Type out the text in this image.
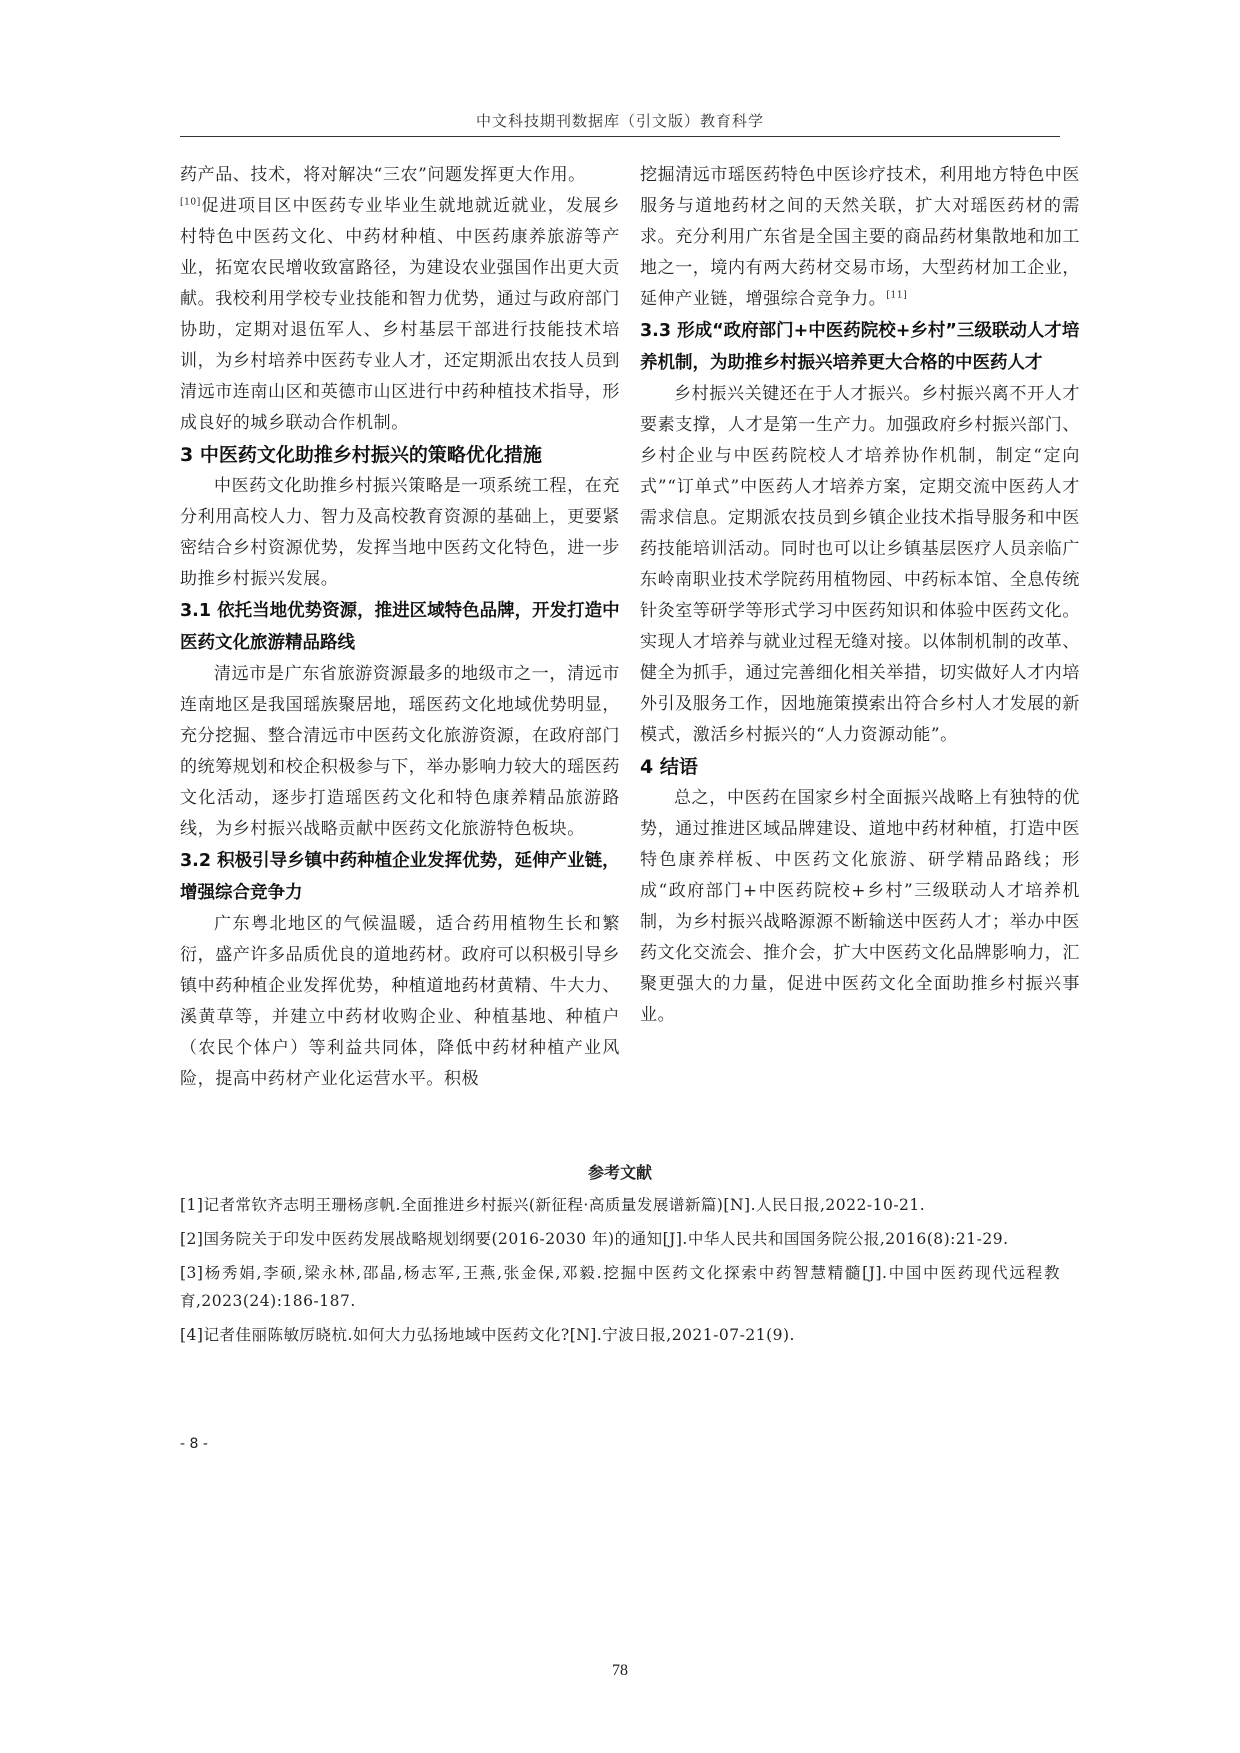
中文科技期刊数据库（引文版）教育科学

药产品、技术，将对解决“三农”问题发挥更大作用。

[10]促进项目区中医药专业毕业生就地就近就业，发展乡村特色中医药文化、中药材种植、中医药康养旅游等产业，拓宽农民增收致富路径，为建设农业强国作出更大贡献。我校利用学校专业技能和智力优势，通过与政府部门协助，定期对退伍军人、乡村基层干部进行技能技术培训，为乡村培养中医药专业人才，还定期派出农技人员到清远市连南山区和英德市山区进行中药种植技术指导，形成良好的城乡联动合作机制。

3 中医药文化助推乡村振兴的策略优化措施

中医药文化助推乡村振兴策略是一项系统工程，在充分利用高校人力、智力及高校教育资源的基础上，更要紧密结合乡村资源优势，发挥当地中医药文化特色，进一步助推乡村振兴发展。

3.1 依托当地优势资源，推进区域特色品牌，开发打造中医药文化旅游精品路线

清远市是广东省旅游资源最多的地级市之一，清远市连南地区是我国瑶族聚居地，瑶医药文化地域优势明显，充分挖掘、整合清远市中医药文化旅游资源，在政府部门的统筹规划和校企积极参与下，举办影响力较大的瑶医药文化活动，逐步打造瑶医药文化和特色康养精品旅游路线，为乡村振兴战略贡献中医药文化旅游特色板块。

3.2 积极引导乡镇中药种植企业发挥优势，延伸产业链，增强综合竞争力

广东粤北地区的气候温暖，适合药用植物生长和繁衍，盛产许多品质优良的道地药材。政府可以积极引导乡镇中药种植企业发挥优势，种植道地药材黄精、牛大力、溪黄草等，并建立中药材收购企业、种植基地、种植户（农民个体户）等利益共同体，降低中药材种植产业风险，提高中药材产业化运营水平。积极

挖掘清远市瑶医药特色中医诊疗技术，利用地方特色中医服务与道地药材之间的天然关联，扩大对瑶医药材的需求。充分利用广东省是全国主要的商品药材集散地和加工地之一，境内有两大药材交易市场，大型药材加工企业，延伸产业链，增强综合竞争力。[11]

3.3 形成“政府部门+中医药院校+乡村”三级联动人才培养机制，为助推乡村振兴培养更大合格的中医药人才

乡村振兴关键还在于人才振兴。乡村振兴离不开人才要素支撑，人才是第一生产力。加强政府乡村振兴部门、乡村企业与中医药院校人才培养协作机制，制定“定向式”“订单式”中医药人才培养方案，定期交流中医药人才需求信息。定期派农技员到乡镇企业技术指导服务和中医药技能培训活动。同时也可以让乡镇基层医疗人员亲临广东岭南职业技术学院药用植物园、中药标本馆、全息传统针灸室等研学等形式学习中医药知识和体验中医药文化。实现人才培养与就业过程无缝对接。以体制机制的改革、健全为抓手，通过完善细化相关举措，切实做好人才内培外引及服务工作，因地施策摸索出符合乡村人才发展的新模式，激活乡村振兴的“人力资源动能”。

4 结语

总之，中医药在国家乡村全面振兴战略上有独特的优势，通过推进区域品牌建设、道地中药材种植，打造中医特色康养样板、中医药文化旅游、研学精品路线；形成“政府部门+中医药院校+乡村”三级联动人才培养机制，为乡村振兴战略源源不断输送中医药人才；举办中医药文化交流会、推介会，扩大中医药文化品牌影响力，汇聚更强大的力量，促进中医药文化全面助推乡村振兴事业。

参考文献

[1]记者常钦齐志明王珊杨彦帆.全面推进乡村振兴(新征程·高质量发展谱新篇)[N].人民日报,2022-10-21.

[2]国务院关于印发中医药发展战略规划纲要(2016-2030 年)的通知[J].中华人民共和国国务院公报,2016(8):21-29.

[3]杨秀娟,李硕,梁永林,邵晶,杨志军,王燕,张金保,邓毅.挖掘中医药文化探索中药智慧精髓[J].中国中医药现代远程教育,2023(24):186-187.

[4]记者佳丽陈敏厉晓杭.如何大力弘扬地域中医药文化?[N].宁波日报,2021-07-21(9).

- 8 -
78
